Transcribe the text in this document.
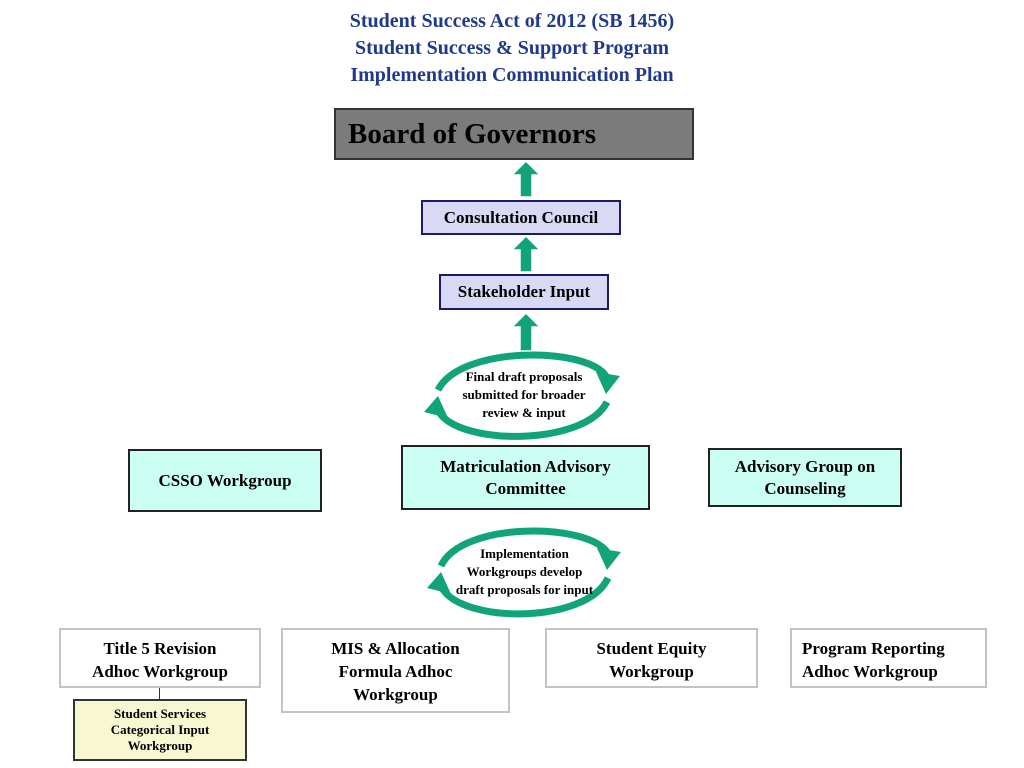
Student Success Act of 2012 (SB 1456)
Student Success & Support Program
Implementation Communication Plan
Board of Governors
Consultation Council
Stakeholder Input
Final draft proposals
submitted for broader
review & input
CSSO Workgroup
Matriculation Advisory
Committee
Advisory Group on
Counseling
Implementation
Workgroups develop
draft proposals for input
Title 5 Revision
Adhoc Workgroup
MIS & Allocation
Formula Adhoc
Workgroup
Student Equity
Workgroup
Program Reporting
Adhoc Workgroup
Student Services
Categorical Input
Workgroup
